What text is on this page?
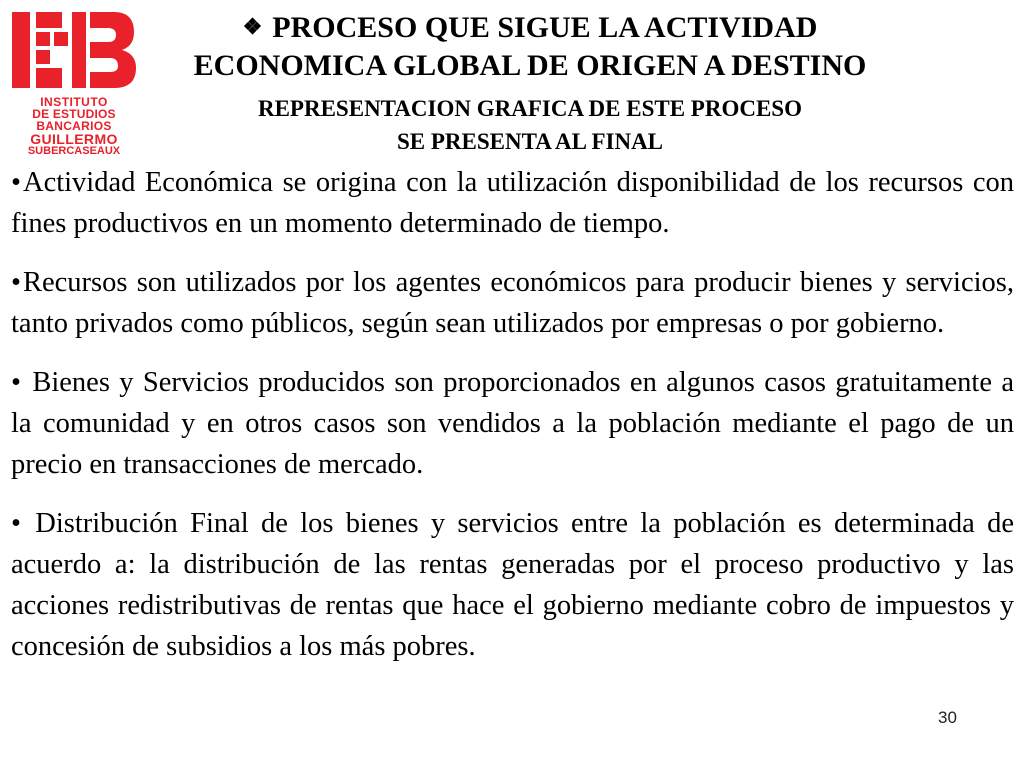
INSTITUTO
DE ESTUDIOS
BANCARIOS
GUILLERMO
SUBERCASEAUX
❖ PROCESO QUE SIGUE LA ACTIVIDAD
ECONOMICA GLOBAL DE ORIGEN A DESTINO
REPRESENTACION GRAFICA DE ESTE PROCESO
SE PRESENTA AL FINAL

•Actividad Económica se origina con la utilización disponibilidad de los recursos con fines productivos en un momento determinado de tiempo.

•Recursos son utilizados por los agentes económicos para producir bienes y servicios, tanto privados como públicos, según sean utilizados por empresas o por gobierno.

• Bienes y Servicios producidos son proporcionados en algunos casos gratuitamente a la comunidad y en otros casos son vendidos a la población mediante el pago de un precio en transacciones de mercado.

• Distribución Final de los bienes y servicios entre la población es determinada de acuerdo a: la distribución de las rentas generadas por el proceso productivo y las acciones redistributivas de rentas que hace el gobierno mediante cobro de impuestos y concesión de subsidios a los más pobres.

30
